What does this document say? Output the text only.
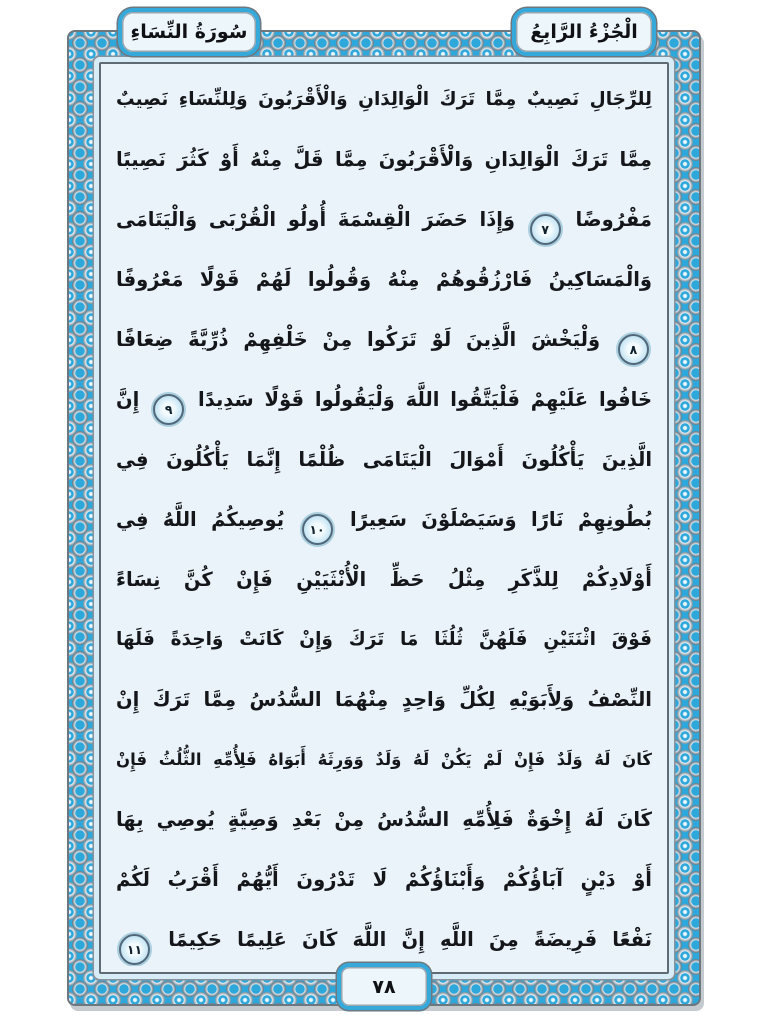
الْجُزْءُ الرَّابِعُ
سُورَةُ النِّسَاءِ
لِلرِّجَالِ نَصِيبٌ مِمَّا تَرَكَ الْوَالِدَانِ وَالْأَقْرَبُونَ وَلِلنِّسَاءِ نَصِيبٌ
مِمَّا تَرَكَ الْوَالِدَانِ وَالْأَقْرَبُونَ مِمَّا قَلَّ مِنْهُ أَوْ كَثُرَ نَصِيبًا
مَفْرُوضًا ٧ وَإِذَا حَضَرَ الْقِسْمَةَ أُولُو الْقُرْبَى وَالْيَتَامَى
وَالْمَسَاكِينُ فَارْزُقُوهُمْ مِنْهُ وَقُولُوا لَهُمْ قَوْلًا مَعْرُوفًا
٨ وَلْيَخْشَ الَّذِينَ لَوْ تَرَكُوا مِنْ خَلْفِهِمْ ذُرِّيَّةً ضِعَافًا
خَافُوا عَلَيْهِمْ فَلْيَتَّقُوا اللَّهَ وَلْيَقُولُوا قَوْلًا سَدِيدًا ٩ إِنَّ
الَّذِينَ يَأْكُلُونَ أَمْوَالَ الْيَتَامَى ظُلْمًا إِنَّمَا يَأْكُلُونَ فِي
بُطُونِهِمْ نَارًا وَسَيَصْلَوْنَ سَعِيرًا ١٠ يُوصِيكُمُ اللَّهُ فِي
أَوْلَادِكُمْ لِلذَّكَرِ مِثْلُ حَظِّ الْأُنْثَيَيْنِ فَإِنْ كُنَّ نِسَاءً
فَوْقَ اثْنَتَيْنِ فَلَهُنَّ ثُلُثَا مَا تَرَكَ وَإِنْ كَانَتْ وَاحِدَةً فَلَهَا
النِّصْفُ وَلِأَبَوَيْهِ لِكُلِّ وَاحِدٍ مِنْهُمَا السُّدُسُ مِمَّا تَرَكَ إِنْ
كَانَ لَهُ وَلَدٌ فَإِنْ لَمْ يَكُنْ لَهُ وَلَدٌ وَوَرِثَهُ أَبَوَاهُ فَلِأُمِّهِ الثُّلُثُ فَإِنْ
كَانَ لَهُ إِخْوَةٌ فَلِأُمِّهِ السُّدُسُ مِنْ بَعْدِ وَصِيَّةٍ يُوصِي بِهَا
أَوْ دَيْنٍ آبَاؤُكُمْ وَأَبْنَاؤُكُمْ لَا تَدْرُونَ أَيُّهُمْ أَقْرَبُ لَكُمْ
نَفْعًا فَرِيضَةً مِنَ اللَّهِ إِنَّ اللَّهَ كَانَ عَلِيمًا حَكِيمًا ١١
٧٨
